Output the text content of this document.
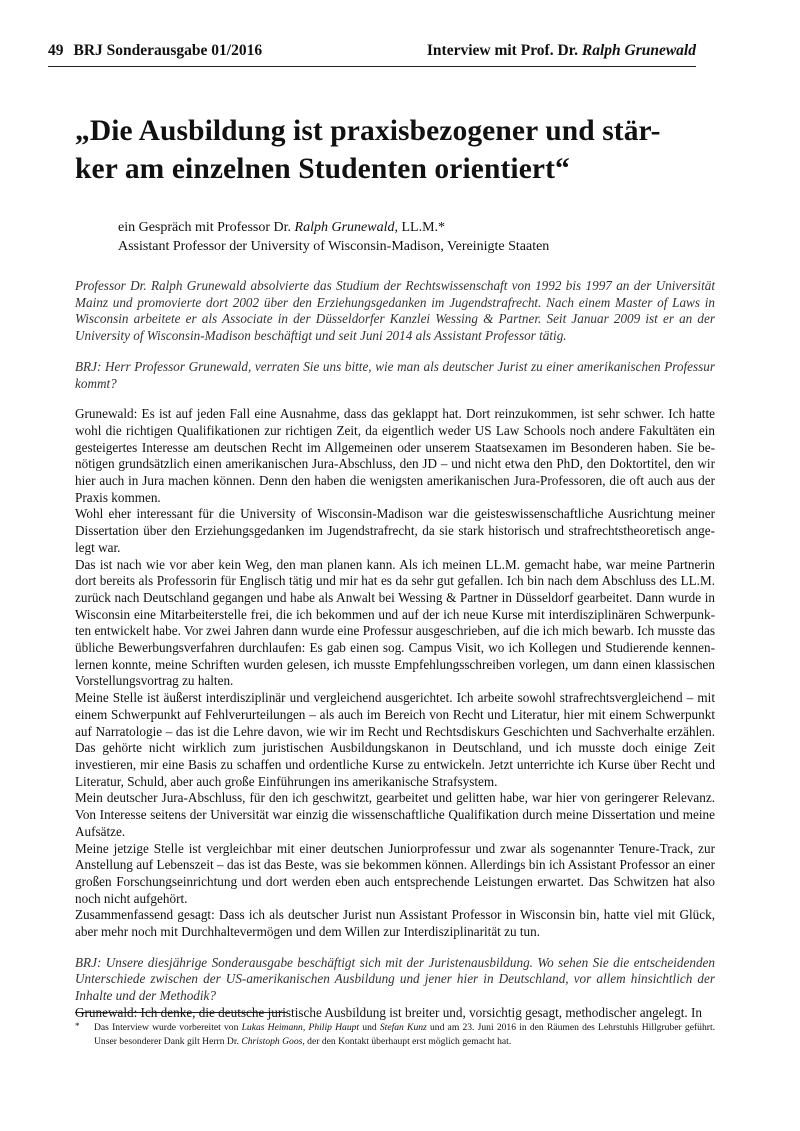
49 BRJ Sonderausgabe 01/2016	Interview mit Prof. Dr. Ralph Grunewald
„Die Ausbildung ist praxisbezogener und stär-
ker am einzelnen Studenten orientiert“
ein Gespräch mit Professor Dr. Ralph Grunewald, LL.M.*
Assistant Professor der University of Wisconsin-Madison, Vereinigte Staaten

Professor Dr. Ralph Grunewald absolvierte das Studium der Rechtswissenschaft von 1992 bis 1997 an der Universität Mainz und promovierte dort 2002 über den Erziehungsgedanken im Jugendstrafrecht. Nach einem Master of Laws in Wisconsin arbeitete er als Associate in der Düsseldorfer Kanzlei Wessing & Partner. Seit Januar 2009 ist er an der University of Wisconsin-Madison beschäftigt und seit Juni 2014 als Assistant Professor tätig.

BRJ: Herr Professor Grunewald, verraten Sie uns bitte, wie man als deutscher Jurist zu einer amerikanischen Professur kommt?

Grunewald: Es ist auf jeden Fall eine Ausnahme, dass das geklappt hat. Dort reinzukommen, ist sehr schwer. Ich hatte wohl die richtigen Qualifikationen zur richtigen Zeit, da eigentlich weder US Law Schools noch andere Fakultäten ein gesteigertes Interesse am deutschen Recht im Allgemeinen oder unserem Staatsexamen im Besonderen haben. Sie benötigen grundsätzlich einen amerikanischen Jura-Abschluss, den JD – und nicht etwa den PhD, den Doktortitel, den wir hier auch in Jura machen können. Denn den haben die wenigsten amerikanischen Jura-Professoren, die oft auch aus der Praxis kommen.

Wohl eher interessant für die University of Wisconsin-Madison war die geisteswissenschaftliche Ausrichtung meiner Dissertation über den Erziehungsgedanken im Jugendstrafrecht, da sie stark historisch und strafrechtstheoretisch angelegt war.

Das ist nach wie vor aber kein Weg, den man planen kann. Als ich meinen LL.M. gemacht habe, war meine Partnerin dort bereits als Professorin für Englisch tätig und mir hat es da sehr gut gefallen. Ich bin nach dem Abschluss des LL.M. zurück nach Deutschland gegangen und habe als Anwalt bei Wessing & Partner in Düsseldorf gearbeitet. Dann wurde in Wisconsin eine Mitarbeiterstelle frei, die ich bekommen und auf der ich neue Kurse mit interdisziplinären Schwerpunkten entwickelt habe. Vor zwei Jahren dann wurde eine Professur ausgeschrieben, auf die ich mich bewarb. Ich musste das übliche Bewerbungsverfahren durchlaufen: Es gab einen sog. Campus Visit, wo ich Kollegen und Studierende kennenlernen konnte, meine Schriften wurden gelesen, ich musste Empfehlungsschreiben vorlegen, um dann einen klassischen Vorstellungsvortrag zu halten.

Meine Stelle ist äußerst interdisziplinär und vergleichend ausgerichtet. Ich arbeite sowohl strafrechtsvergleichend – mit einem Schwerpunkt auf Fehlverurteilungen – als auch im Bereich von Recht und Literatur, hier mit einem Schwerpunkt auf Narratologie – das ist die Lehre davon, wie wir im Recht und Rechtsdiskurs Geschichten und Sachverhalte erzählen. Das gehörte nicht wirklich zum juristischen Ausbildungskanon in Deutschland, und ich musste doch einige Zeit investieren, mir eine Basis zu schaffen und ordentliche Kurse zu entwickeln. Jetzt unterrichte ich Kurse über Recht und Literatur, Schuld, aber auch große Einführungen ins amerikanische Strafsystem.

Mein deutscher Jura-Abschluss, für den ich geschwitzt, gearbeitet und gelitten habe, war hier von geringerer Relevanz. Von Interesse seitens der Universität war einzig die wissenschaftliche Qualifikation durch meine Dissertation und meine Aufsätze.

Meine jetzige Stelle ist vergleichbar mit einer deutschen Juniorprofessur und zwar als sogenannter Tenure-Track, zur Anstellung auf Lebenszeit – das ist das Beste, was sie bekommen können. Allerdings bin ich Assistant Professor an einer großen Forschungseinrichtung und dort werden eben auch entsprechende Leistungen erwartet. Das Schwitzen hat also noch nicht aufgehört.

Zusammenfassend gesagt: Dass ich als deutscher Jurist nun Assistant Professor in Wisconsin bin, hatte viel mit Glück, aber mehr noch mit Durchhaltevermögen und dem Willen zur Interdisziplinarität zu tun.

BRJ: Unsere diesjährige Sonderausgabe beschäftigt sich mit der Juristenausbildung. Wo sehen Sie die entscheidenden Unterschiede zwischen der US-amerikanischen Ausbildung und jener hier in Deutschland, vor allem hinsichtlich der Inhalte und der Methodik?

Grunewald: Ich denke, die deutsche juristische Ausbildung ist breiter und, vorsichtig gesagt, methodischer angelegt. In

* Das Interview wurde vorbereitet von Lukas Heimann, Philip Haupt und Stefan Kunz und am 23. Juni 2016 in den Räumen des Lehrstuhls Hillgruber geführt. Unser besonderer Dank gilt Herrn Dr. Christoph Goos, der den Kontakt überhaupt erst möglich gemacht hat.
